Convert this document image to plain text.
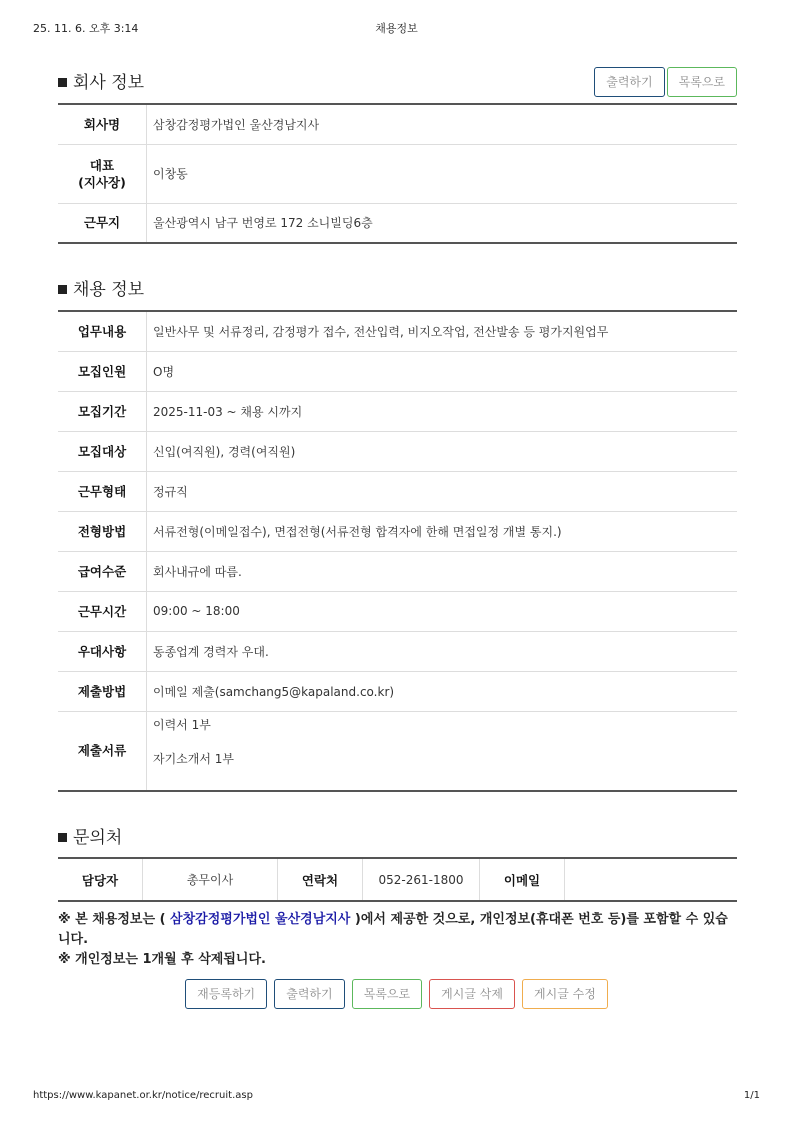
25. 11. 6. 오후 3:14	채용정보
회사 정보	출력하기 목록으로
회사명	삼창감정평가법인 울산경남지사
대표
(지사장)	이창동
근무지	울산광역시 남구 번영로 172 소니빌딩6층
채용 정보
업무내용	일반사무 및 서류정리, 감정평가 접수, 전산입력, 비지오작업, 전산발송 등 평가지원업무
모집인원	O명
모집기간	2025-11-03 ~ 채용 시까지
모집대상	신입(여직원), 경력(여직원)
근무형태	정규직
전형방법	서류전형(이메일접수), 면접전형(서류전형 합격자에 한해 면접일정 개별 통지.)
급여수준	회사내규에 따름.
근무시간	09:00 ~ 18:00
우대사항	동종업계 경력자 우대.
제출방법	이메일 제출(samchang5@kapaland.co.kr)
제출서류	이력서 1부
자기소개서 1부
문의처
담당자	총무이사	연락처	052-261-1800	이메일	
※ 본 채용정보는 ( 삼창감정평가법인 울산경남지사 )에서 제공한 것으로, 개인정보(휴대폰 번호 등)를 포함할 수 있습니다.
※ 개인정보는 1개월 후 삭제됩니다.
재등록하기	출력하기	목록으로	게시글 삭제	게시글 수정
https://www.kapanet.or.kr/notice/recruit.asp	1/1
